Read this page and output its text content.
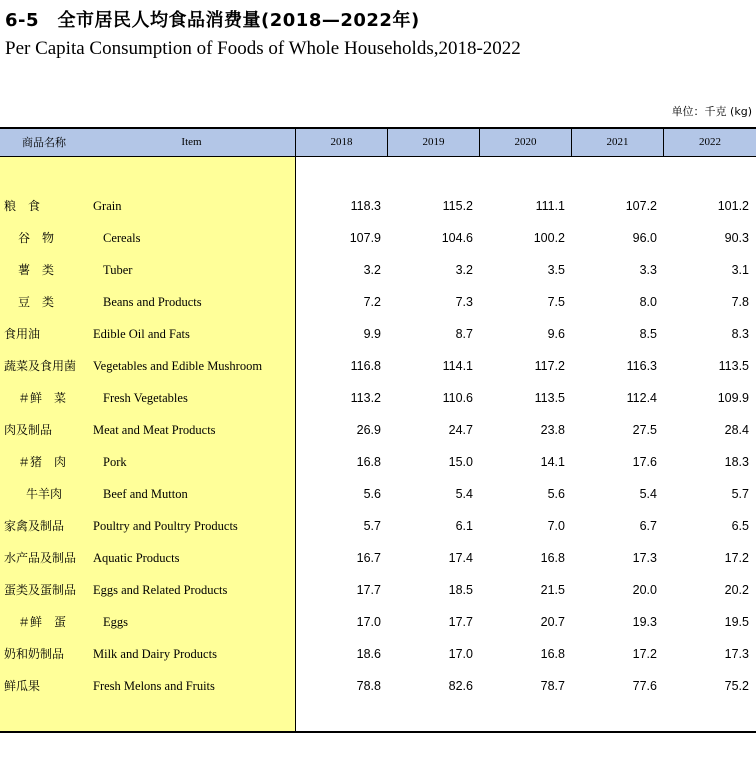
6-5　全市居民人均食品消费量(2018—2022年)
Per Capita Consumption of Foods of Whole Households,2018-2022
单位：千克 (kg)
商品名称	Item	2018	2019	2020	2021	2022
粮　食	Grain	118.3	115.2	111.1	107.2	101.2
谷　物	Cereals	107.9	104.6	100.2	96.0	90.3
薯　类	Tuber	3.2	3.2	3.5	3.3	3.1
豆　类	Beans and Products	7.2	7.3	7.5	8.0	7.8
食用油	Edible Oil and Fats	9.9	8.7	9.6	8.5	8.3
蔬菜及食用菌 Vegetables and Edible Mushroom	116.8	114.1	117.2	116.3	113.5
＃鲜　菜	Fresh Vegetables	113.2	110.6	113.5	112.4	109.9
肉及制品	Meat and Meat Products	26.9	24.7	23.8	27.5	28.4
＃猪　肉	Pork	16.8	15.0	14.1	17.6	18.3
牛羊肉	Beef and Mutton	5.6	5.4	5.6	5.4	5.7
家禽及制品 Poultry and Poultry Products	5.7	6.1	7.0	6.7	6.5
水产品及制品 Aquatic Products	16.7	17.4	16.8	17.3	17.2
蛋类及蛋制品 Eggs and Related Products	17.7	18.5	21.5	20.0	20.2
＃鲜　蛋	Eggs	17.0	17.7	20.7	19.3	19.5
奶和奶制品 Milk and Dairy Products	18.6	17.0	16.8	17.2	17.3
鲜瓜果	Fresh Melons and Fruits	78.8	82.6	78.7	77.6	75.2
